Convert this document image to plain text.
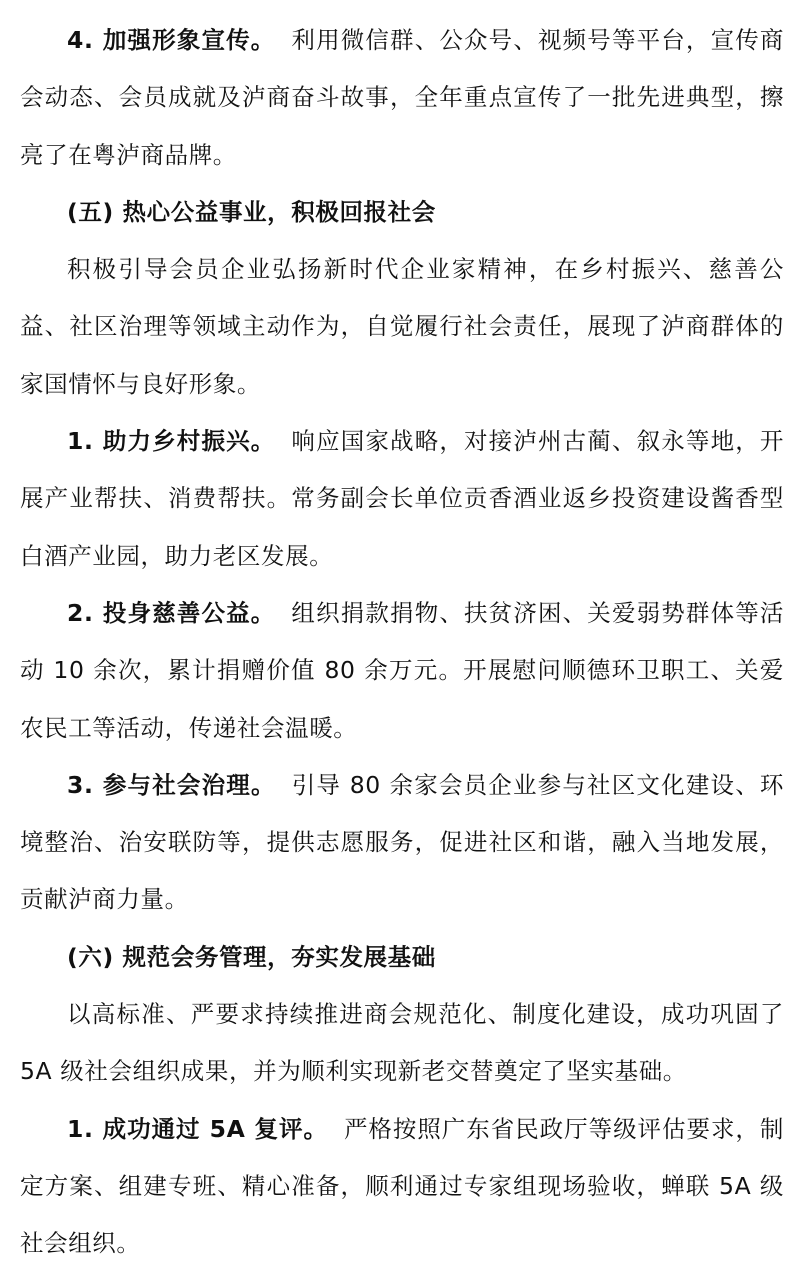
4. 加强形象宣传。 利用微信群、公众号、视频号等平台，宣传商会动态、会员成就及泸商奋斗故事，全年重点宣传了一批先进典型，擦亮了在粤泸商品牌。

(五) 热心公益事业，积极回报社会

积极引导会员企业弘扬新时代企业家精神，在乡村振兴、慈善公益、社区治理等领域主动作为，自觉履行社会责任，展现了泸商群体的家国情怀与良好形象。

1. 助力乡村振兴。 响应国家战略，对接泸州古蔺、叙永等地，开展产业帮扶、消费帮扶。常务副会长单位贡香酒业返乡投资建设酱香型白酒产业园，助力老区发展。

2. 投身慈善公益。 组织捐款捐物、扶贫济困、关爱弱势群体等活动 10 余次，累计捐赠价值 80 余万元。开展慰问顺德环卫职工、关爱农民工等活动，传递社会温暖。

3. 参与社会治理。 引导 80 余家会员企业参与社区文化建设、环境整治、治安联防等，提供志愿服务，促进社区和谐，融入当地发展，贡献泸商力量。

(六) 规范会务管理，夯实发展基础

以高标准、严要求持续推进商会规范化、制度化建设，成功巩固了 5A 级社会组织成果，并为顺利实现新老交替奠定了坚实基础。

1. 成功通过 5A 复评。 严格按照广东省民政厅等级评估要求，制定方案、组建专班、精心准备，顺利通过专家组现场验收，蝉联 5A 级社会组织。
